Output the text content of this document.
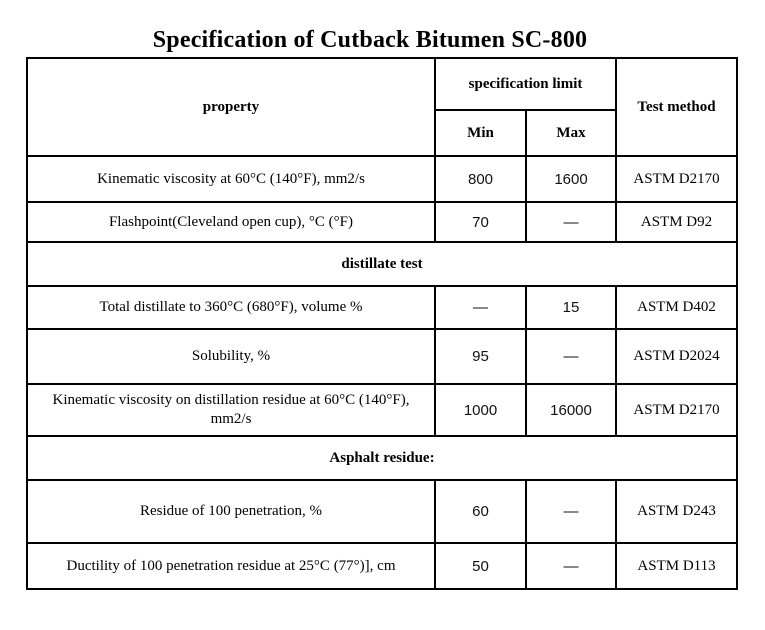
Specification of Cutback Bitumen SC-800
property	specification limit		Test method
	Min	Max	
Kinematic viscosity at 60°C (140°F), mm2/s	800	1600	ASTM D2170
Flashpoint(Cleveland open cup), °C (°F)	70	—	ASTM D92
distillate test			
Total distillate to 360°C (680°F), volume %	—	15	ASTM D402
Solubility, %	95	—	ASTM D2024
Kinematic viscosity on distillation residue at 60°C (140°F), mm2/s	1000	16000	ASTM D2170
Asphalt residue:			
Residue of 100 penetration, %	60	—	ASTM D243
Ductility of 100 penetration residue at 25°C (77°)], cm	50	—	ASTM D113
